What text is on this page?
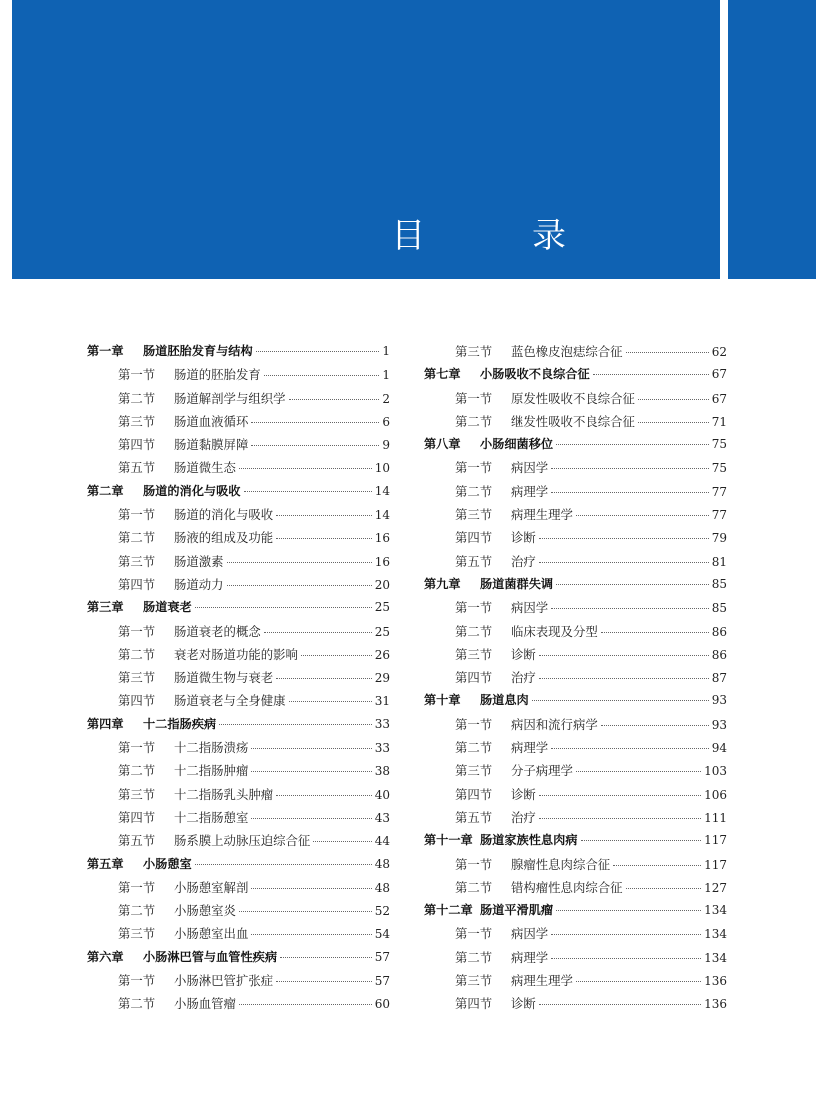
目 录
第一章	肠道胚胎发育与结构	1
第一节	肠道的胚胎发育	1
第二节	肠道解剖学与组织学	2
第三节	肠道血液循环	6
第四节	肠道黏膜屏障	9
第五节	肠道微生态	10
第二章	肠道的消化与吸收	14
第一节	肠道的消化与吸收	14
第二节	肠液的组成及功能	16
第三节	肠道激素	16
第四节	肠道动力	20
第三章	肠道衰老	25
第一节	肠道衰老的概念	25
第二节	衰老对肠道功能的影响	26
第三节	肠道微生物与衰老	29
第四节	肠道衰老与全身健康	31
第四章	十二指肠疾病	33
第一节	十二指肠溃疡	33
第二节	十二指肠肿瘤	38
第三节	十二指肠乳头肿瘤	40
第四节	十二指肠憩室	43
第五节	肠系膜上动脉压迫综合征	44
第五章	小肠憩室	48
第一节	小肠憩室解剖	48
第二节	小肠憩室炎	52
第三节	小肠憩室出血	54
第六章	小肠淋巴管与血管性疾病	57
第一节	小肠淋巴管扩张症	57
第二节	小肠血管瘤	60
第三节	蓝色橡皮泡痣综合征	62
第七章	小肠吸收不良综合征	67
第一节	原发性吸收不良综合征	67
第二节	继发性吸收不良综合征	71
第八章	小肠细菌移位	75
第一节	病因学	75
第二节	病理学	77
第三节	病理生理学	77
第四节	诊断	79
第五节	治疗	81
第九章	肠道菌群失调	85
第一节	病因学	85
第二节	临床表现及分型	86
第三节	诊断	86
第四节	治疗	87
第十章	肠道息肉	93
第一节	病因和流行病学	93
第二节	病理学	94
第三节	分子病理学	103
第四节	诊断	106
第五节	治疗	111
第十一章 肠道家族性息肉病	117
第一节	腺瘤性息肉综合征	117
第二节	错构瘤性息肉综合征	127
第十二章 肠道平滑肌瘤	134
第一节	病因学	134
第二节	病理学	134
第三节	病理生理学	136
第四节	诊断	136
